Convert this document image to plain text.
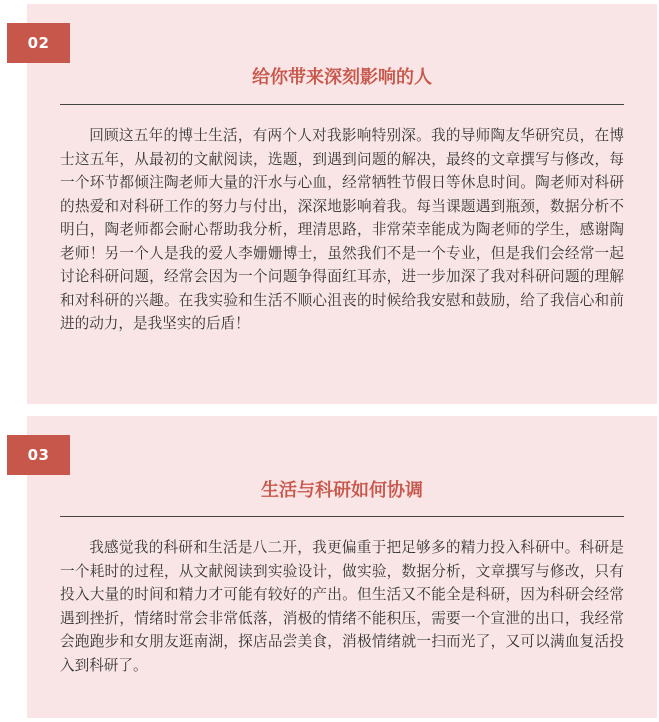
02
给你带来深刻影响的人

回顾这五年的博士生活，有两个人对我影响特别深。我的导师陶友华研究员，在博士这五年，从最初的文献阅读，选题，到遇到问题的解决，最终的文章撰写与修改，每一个环节都倾注陶老师大量的汗水与心血，经常牺牲节假日等休息时间。陶老师对科研的热爱和对科研工作的努力与付出，深深地影响着我。每当课题遇到瓶颈，数据分析不明白，陶老师都会耐心帮助我分析，理清思路，非常荣幸能成为陶老师的学生，感谢陶老师！另一个人是我的爱人李姗姗博士，虽然我们不是一个专业，但是我们会经常一起讨论科研问题，经常会因为一个问题争得面红耳赤，进一步加深了我对科研问题的理解和对科研的兴趣。在我实验和生活不顺心沮丧的时候给我安慰和鼓励，给了我信心和前进的动力，是我坚实的后盾！

03
生活与科研如何协调

我感觉我的科研和生活是八二开，我更偏重于把足够多的精力投入科研中。科研是一个耗时的过程，从文献阅读到实验设计，做实验，数据分析，文章撰写与修改，只有投入大量的时间和精力才可能有较好的产出。但生活又不能全是科研，因为科研会经常遇到挫折，情绪时常会非常低落，消极的情绪不能积压，需要一个宣泄的出口，我经常会跑跑步和女朋友逛南湖，探店品尝美食，消极情绪就一扫而光了，又可以满血复活投入到科研了。
